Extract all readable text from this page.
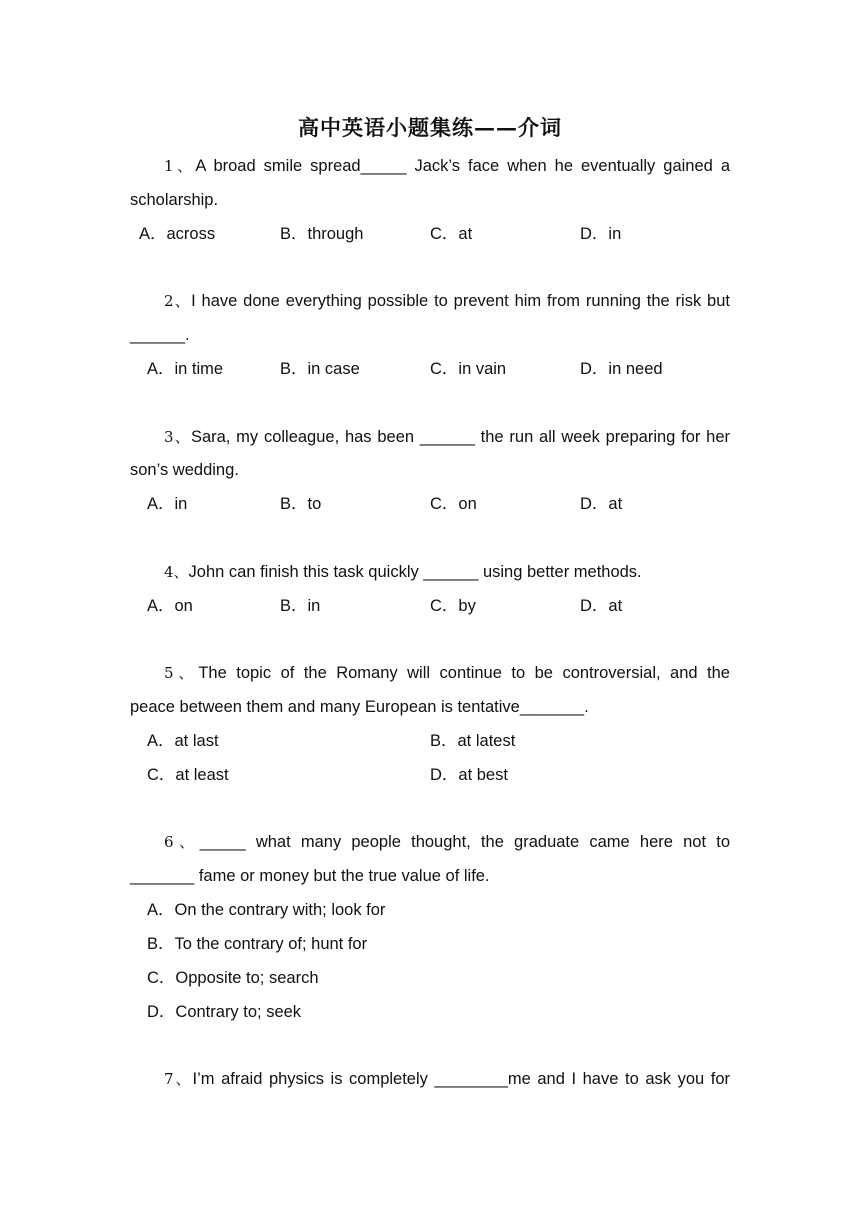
高中英语小题集练——介词
1、A broad smile spread_____ Jack’s face when he eventually gained a
scholarship.
A．across	B．through	C．at	D．in
2、I have done everything possible to prevent him from running the risk but
______.
A．in time	B．in case	C．in vain	D．in need
3、Sara, my colleague, has been ______ the run all week preparing for her
son’s wedding.
A．in	B．to	C．on	D．at
4、John can finish this task quickly ______ using better methods.
A．on	B．in	C．by	D．at
5、The topic of the Romany will continue to be controversial, and the
peace between them and many European is tentative_______.
A．at last	B．at latest
C．at least	D．at best
6、_____ what many people thought, the graduate came here not to
_______ fame or money but the true value of life.
A．On the contrary with; look for
B．To the contrary of; hunt for
C．Opposite to; search
D．Contrary to; seek
7、I’m afraid physics is completely ________me and I have to ask you for
